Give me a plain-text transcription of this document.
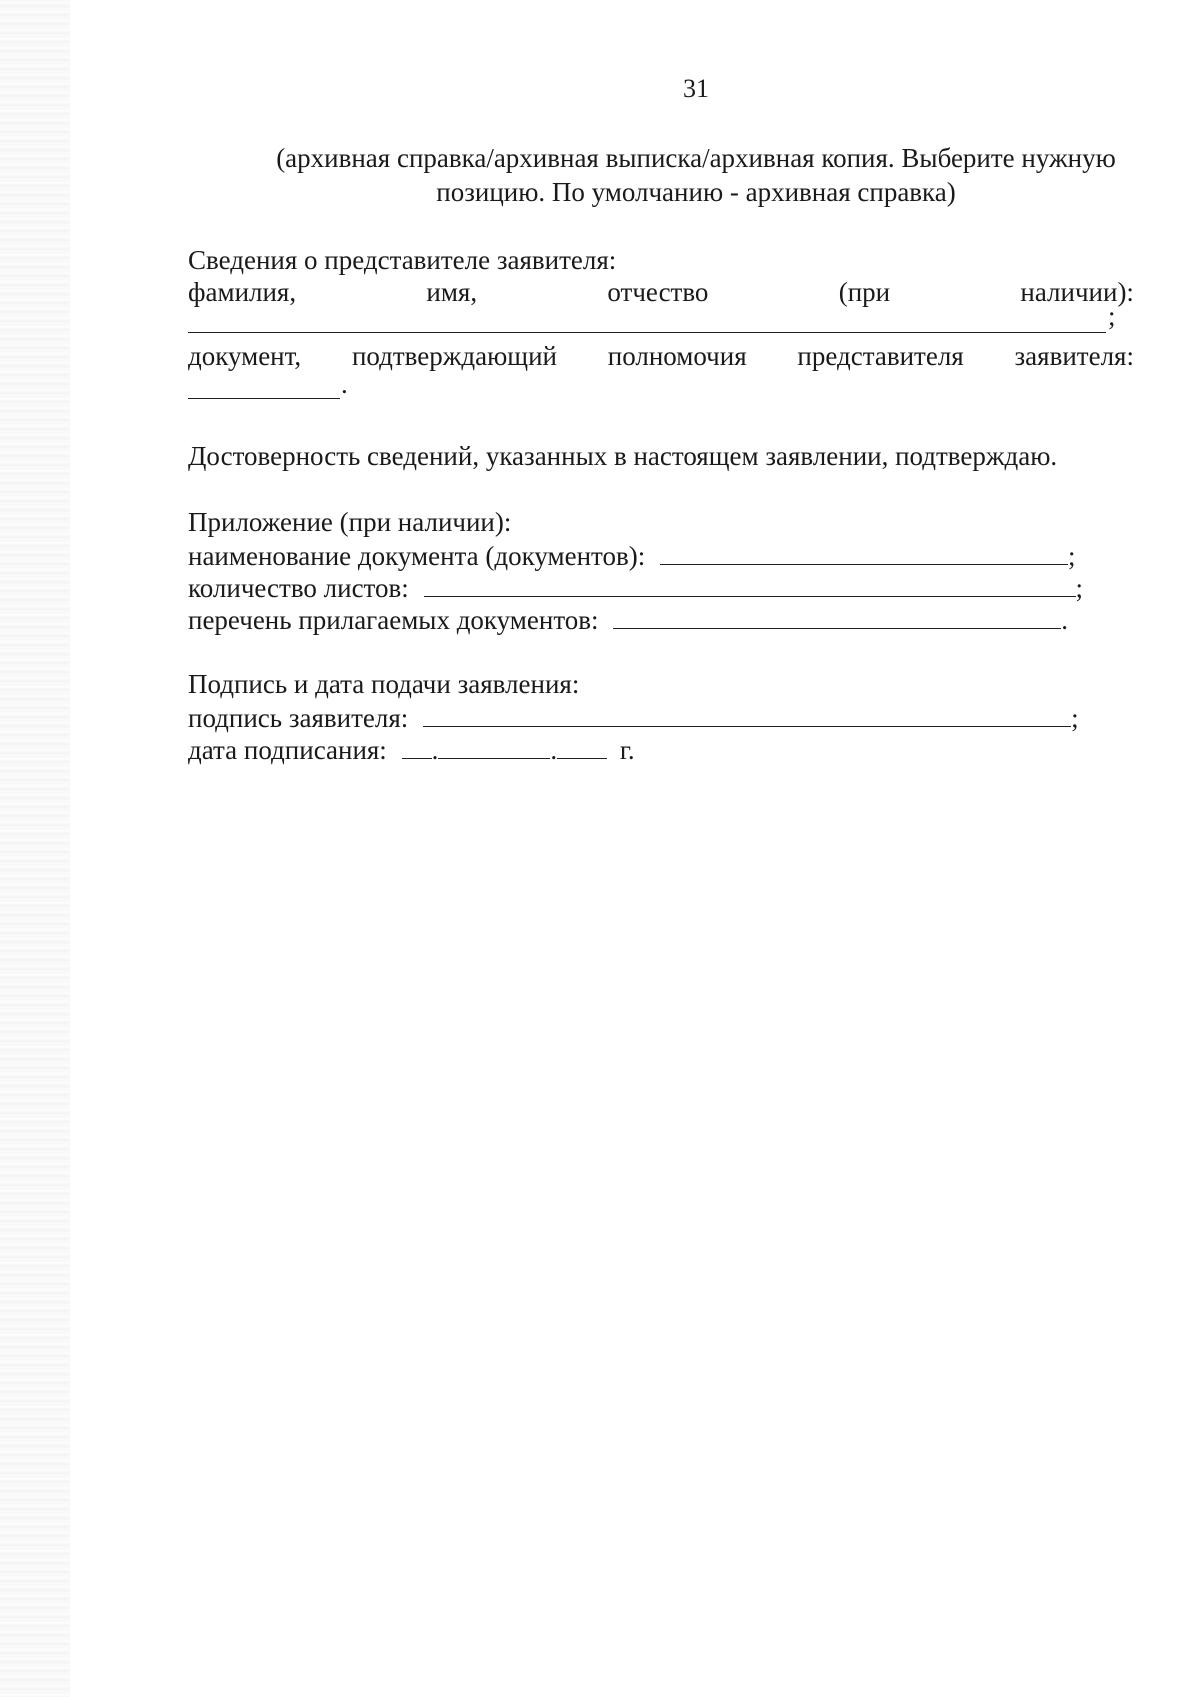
31
(архивная справка/архивная выписка/архивная копия. Выберите нужную
позицию. По умолчанию - архивная справка)
Сведения о представителе заявителя:
фамилия,	имя,	отчество	(при	наличии):
;
документ, подтверждающий полномочия представителя заявителя:
.
Достоверность сведений, указанных в настоящем заявлении, подтверждаю.
Приложение (при наличии):
наименование документа (документов):	;
количество листов:	;
перечень прилагаемых документов:	.
Подпись и дата подачи заявления:
подпись заявителя:	;
дата подписания: .	. г.
